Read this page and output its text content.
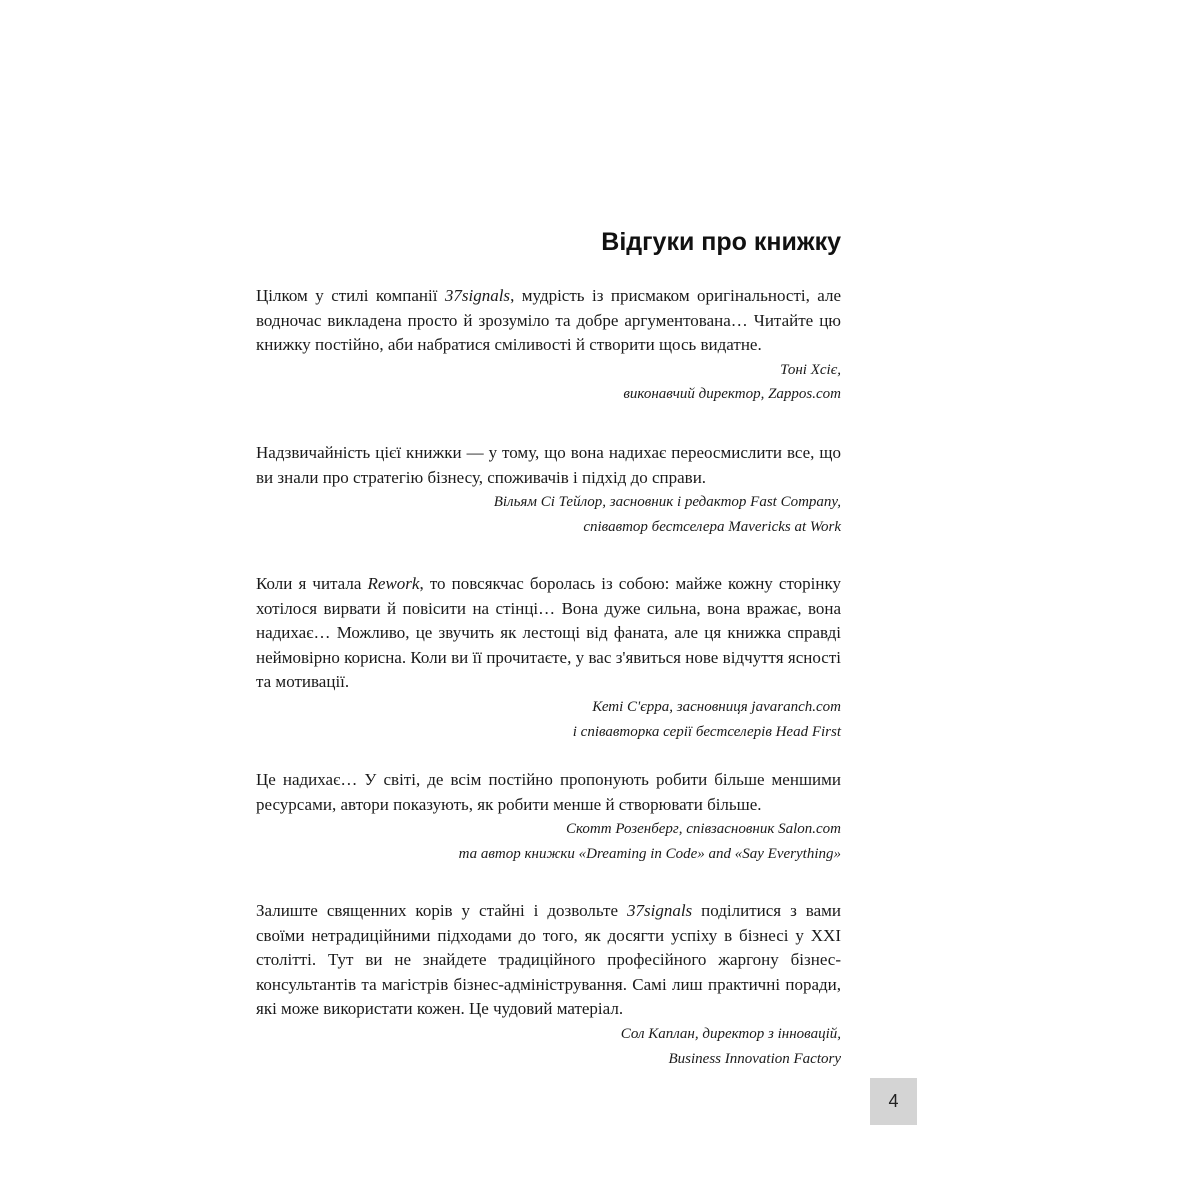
Відгуки про книжку

Цілком у стилі компанії 37signals, мудрість із присмаком оригінальності, але водночас викладена просто й зрозуміло та добре аргументована… Читайте цю книжку постійно, аби набратися сміливості й створити щось видатне.

Тоні Хсіє,
виконавчий директор, Zappos.com

Надзвичайність цієї книжки — у тому, що вона надихає переосмислити все, що ви знали про стратегію бізнесу, споживачів і підхід до справи.

Вільям Сі Тейлор, засновник і редактор Fast Company,
співавтор бестселера Mavericks at Work

Коли я читала Rework, то повсякчас боролась із собою: майже кожну сторінку хотілося вирвати й повісити на стінці… Вона дуже сильна, вона вражає, вона надихає… Можливо, це звучить як лестощі від фаната, але ця книжка справді неймовірно корисна. Коли ви її прочитаєте, у вас з'явиться нове відчуття ясності та мотивації.

Кеті С'єрра, засновниця javaranch.com
і співавторка серії бестселерів Head First

Це надихає… У світі, де всім постійно пропонують робити більше меншими ресурсами, автори показують, як робити менше й створювати більше.

Скотт Розенберг, співзасновник Salon.com
та автор книжки «Dreaming in Code» and «Say Everything»

Залиште священних корів у стайні і дозвольте 37signals поділитися з вами своїми нетрадиційними підходами до того, як досягти успіху в бізнесі у XXI столітті. Тут ви не знайдете традиційного професійного жаргону бізнес-консультантів та магістрів бізнес-адміністрування. Самі лиш практичні поради, які може використати кожен. Це чудовий матеріал.

Сол Каплан, директор з інновацій,
Business Innovation Factory

4
